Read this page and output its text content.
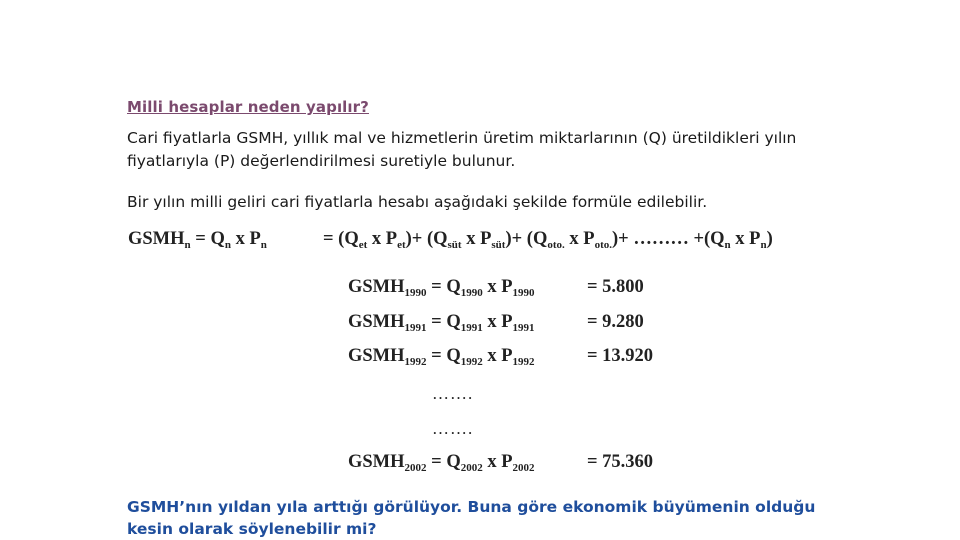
Milli hesaplar neden yapılır?
Cari fiyatlarla GSMH, yıllık mal ve hizmetlerin üretim miktarlarının (Q) üretildikleri yılın fiyatlarıyla (P) değerlendirilmesi suretiyle bulunur.
Bir yılın milli geliri cari fiyatlarla hesabı aşağıdaki şekilde formüle edilebilir.
$GSMH_n = Q_n$ x $P_n$	= ($Q_{et}$ x $P_{et})+ (Q_{süt}$ x $P_{süt})+ (Q_{oto.}$ x $P_{oto.})+$ ……… $+(Q_n$ x $P_n$)
$GSMH_{1990} = Q_{1990}$ x $P_{1990}$	= 5.800
$GSMH_{1991} = Q_{1991}$ x $P_{1991}$	= 9.280
$GSMH_{1992} = Q_{1992}$ x $P_{1992}$	= 13.920
…….
…….
$GSMH_{2002} = Q_{2002}$ x $P_{2002}$	= 75.360
GSMH’nın yıldan yıla arttığı görülüyor. Buna göre ekonomik büyümenin olduğu kesin olarak söylenebilir mi?
